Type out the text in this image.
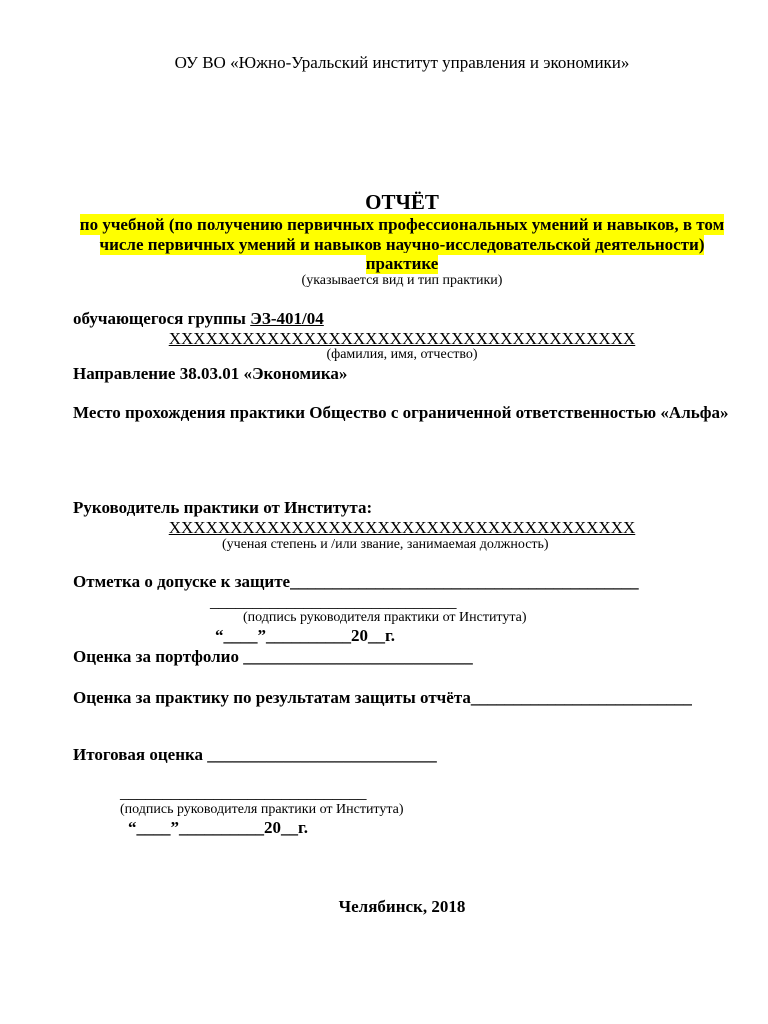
ОУ ВО «Южно-Уральский институт управления и экономики»
ОТЧЁТ
по учебной (по получению первичных профессиональных умений и навыков, в том
числе первичных умений и навыков научно-исследовательской деятельности)
практике
(указывается вид и тип практики)
обучающегося группы ЭЗ-401/04
XXXXXXXXXXXXXXXXXXXXXXXXXXXXXXXXXXXXXX
(фамилия, имя, отчество)
Направление 38.03.01 «Экономика»
Место прохождения практики Общество с ограниченной ответственностью «Альфа»
Руководитель практики от Института:
XXXXXXXXXXXXXXXXXXXXXXXXXXXXXXXXXXXXXX
(ученая степень и /или звание, занимаемая должность)
Отметка о допуске к защите_________________________________________
_____________________________
(подпись руководителя практики от Института)
“____”__________20__г.
Оценка за портфолио ___________________________
Оценка за практику по результатам защиты отчёта__________________________
Итоговая оценка ___________________________
_____________________________
(подпись руководителя практики от Института)
“____”__________20__г.
Челябинск, 2018
